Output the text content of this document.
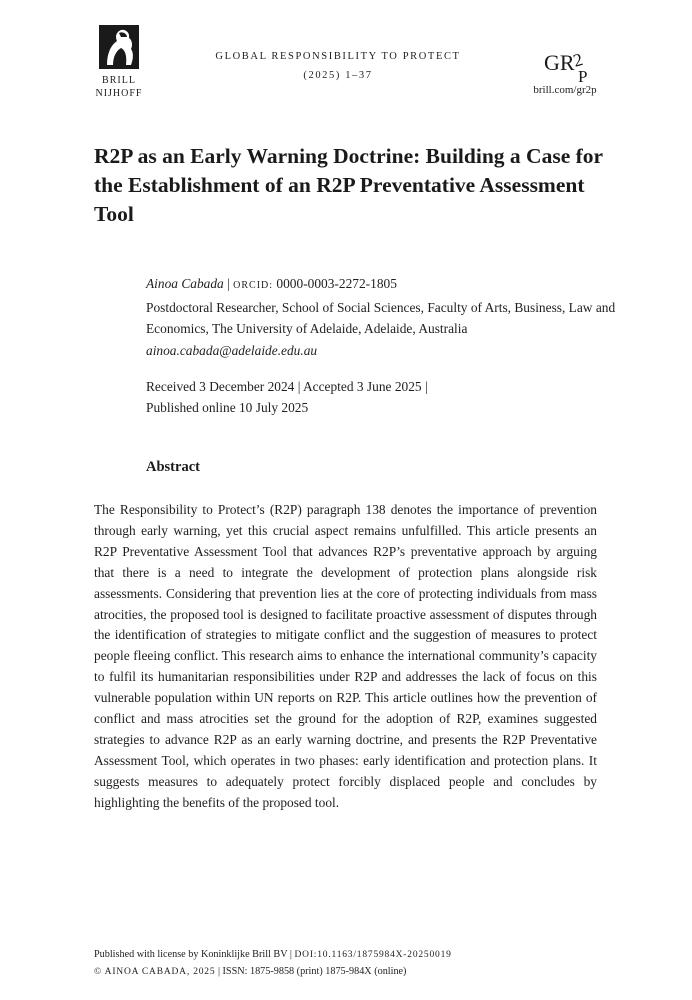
BRILL
NIJHOFF
GLOBAL RESPONSIBILITY TO PROTECT
(2025) 1–37
GR
2
P
brill.com/gr2p
R2P as an Early Warning Doctrine: Building a Case for the Establishment of an R2P Preventative Assessment Tool
Ainoa Cabada | ORCID: 0000-0003-2272-1805
Postdoctoral Researcher, School of Social Sciences, Faculty of Arts, Business, Law and Economics, The University of Adelaide, Adelaide, Australia
ainoa.cabada@adelaide.edu.au
Received 3 December 2024 | Accepted 3 June 2025 |
Published online 10 July 2025
Abstract

The Responsibility to Protect’s (R2P) paragraph 138 denotes the importance of prevention through early warning, yet this crucial aspect remains unfulfilled. This article presents an R2P Preventative Assessment Tool that advances R2P’s preventative approach by arguing that there is a need to integrate the development of protection plans alongside risk assessments. Considering that prevention lies at the core of protecting individuals from mass atrocities, the proposed tool is designed to facilitate proactive assessment of disputes through the identification of strategies to mitigate conflict and the suggestion of measures to protect people fleeing conflict. This research aims to enhance the international community’s capacity to fulfil its humanitarian responsibilities under R2P and addresses the lack of focus on this vulnerable population within UN reports on R2P. This article outlines how the prevention of conflict and mass atrocities set the ground for the adoption of R2P, examines suggested strategies to advance R2P as an early warning doctrine, and presents the R2P Preventative Assessment Tool, which operates in two phases: early identification and protection plans. It suggests measures to adequately protect forcibly displaced people and concludes by highlighting the benefits of the proposed tool.

Published with license by Koninklijke Brill BV | DOI:10.1163/1875984X-20250019
© AINOA CABADA, 2025 | ISSN: 1875-9858 (print) 1875-984X (online)
